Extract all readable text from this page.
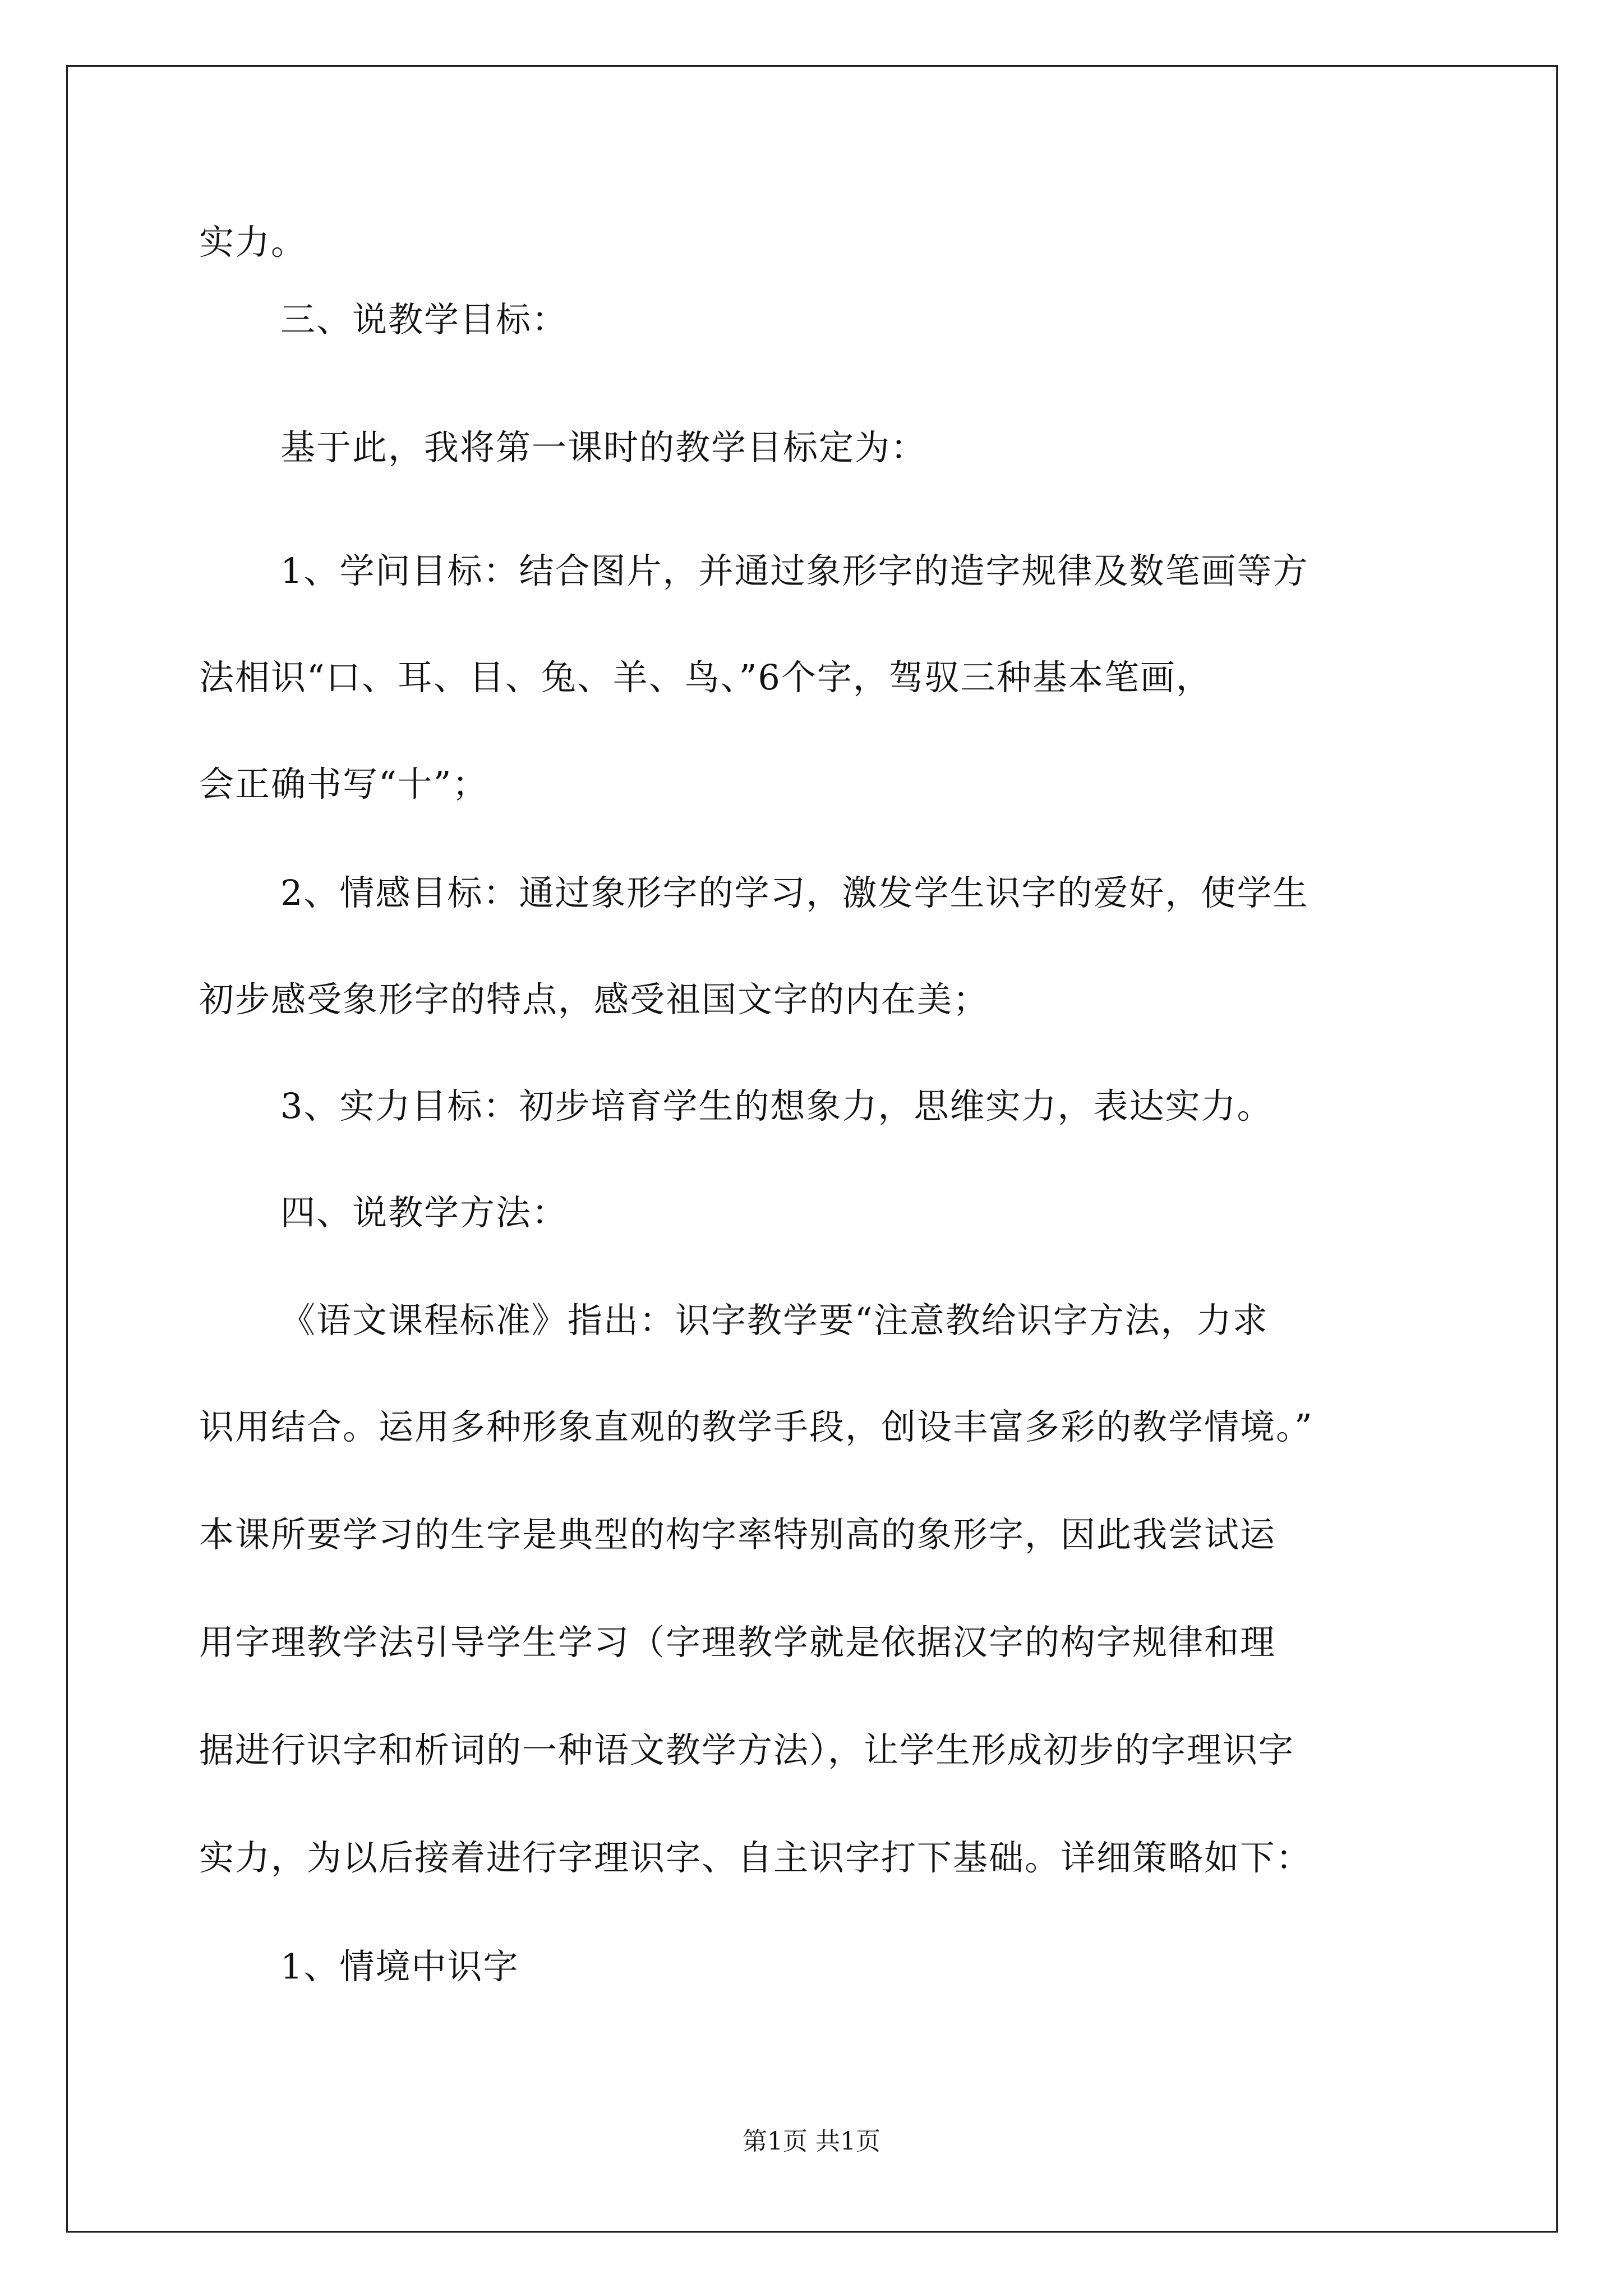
实力。
三、说教学目标：
基于此，我将第一课时的教学目标定为：
1、学问目标：结合图片，并通过象形字的造字规律及数笔画等方
法相识“口、耳、目、兔、羊、鸟、”6个字，驾驭三种基本笔画，
会正确书写“十”；
2、情感目标：通过象形字的学习，激发学生识字的爱好，使学生
初步感受象形字的特点，感受祖国文字的内在美；
3、实力目标：初步培育学生的想象力，思维实力，表达实力。
四、说教学方法：
《语文课程标准》指出：识字教学要“注意教给识字方法，力求
识用结合。运用多种形象直观的教学手段，创设丰富多彩的教学情境。”
本课所要学习的生字是典型的构字率特别高的象形字，因此我尝试运
用字理教学法引导学生学习（字理教学就是依据汉字的构字规律和理
据进行识字和析词的一种语文教学方法），让学生形成初步的字理识字
实力，为以后接着进行字理识字、自主识字打下基础。详细策略如下：
1、情境中识字
第1页 共1页
